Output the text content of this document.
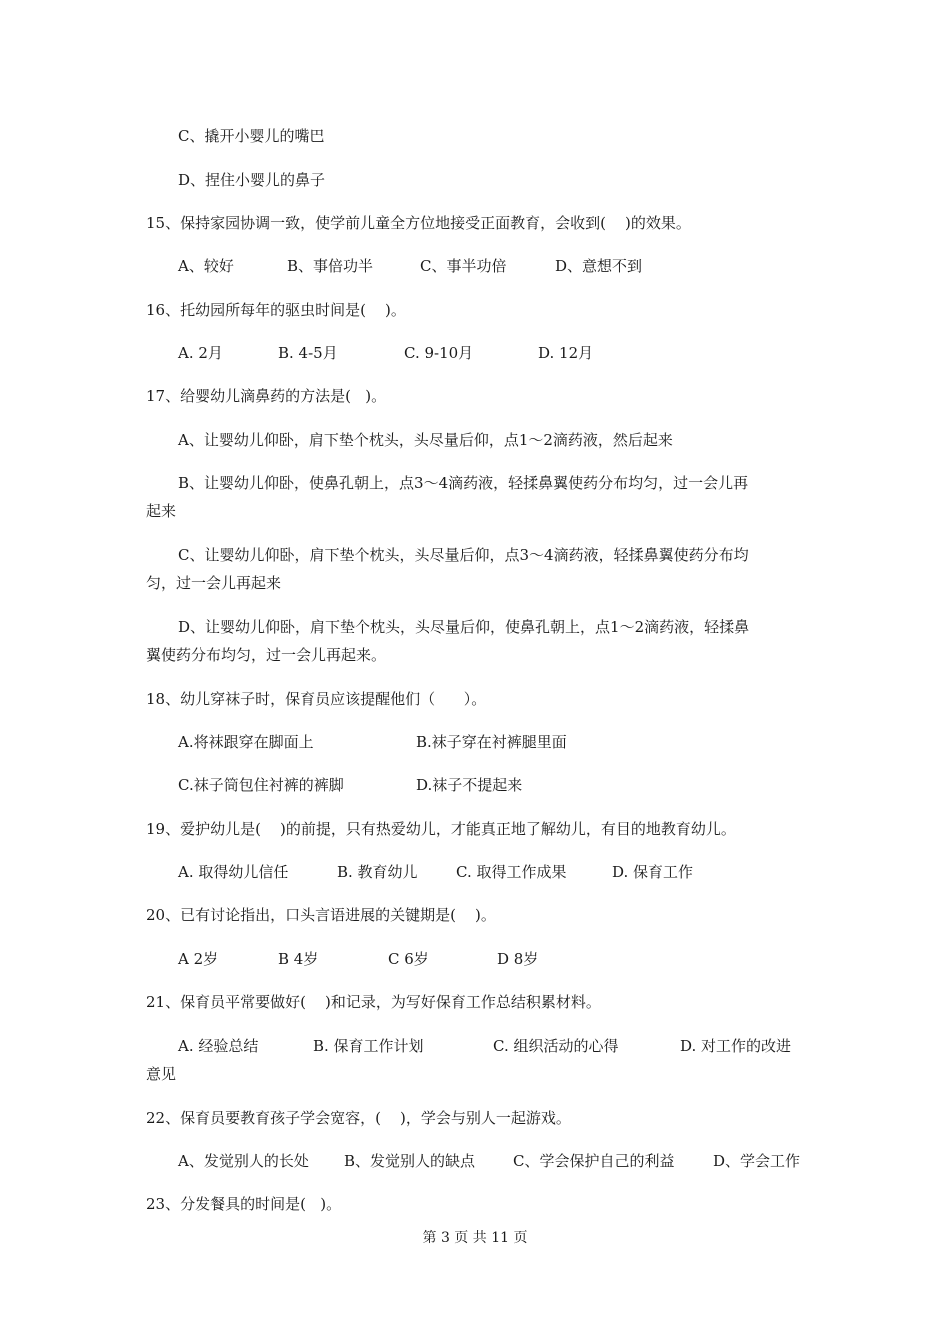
C、撬开小婴儿的嘴巴
D、捏住小婴儿的鼻子
15、保持家园协调一致，使学前儿童全方位地接受正面教育，会收到(    )的效果。
A、较好	B、事倍功半	C、事半功倍	D、意想不到
16、托幼园所每年的驱虫时间是(    )。
A. 2月	B. 4-5月	C. 9-10月	D. 12月
17、给婴幼儿滴鼻药的方法是(   )。
A、让婴幼儿仰卧，肩下垫个枕头，头尽量后仰，点1～2滴药液，然后起来
B、让婴幼儿仰卧，使鼻孔朝上，点3～4滴药液，轻揉鼻翼使药分布均匀，过一会儿再
起来
C、让婴幼儿仰卧，肩下垫个枕头，头尽量后仰，点3～4滴药液，轻揉鼻翼使药分布均
匀，过一会儿再起来
D、让婴幼儿仰卧，肩下垫个枕头，头尽量后仰，使鼻孔朝上，点1～2滴药液，轻揉鼻
翼使药分布均匀，过一会儿再起来。
18、幼儿穿袜子时，保育员应该提醒他们（      ）。
A.将袜跟穿在脚面上	B.袜子穿在衬裤腿里面
C.袜子筒包住衬裤的裤脚	D.袜子不提起来
19、爱护幼儿是(    )的前提，只有热爱幼儿，才能真正地了解幼儿，有目的地教育幼儿。
A. 取得幼儿信任	B. 教育幼儿	C. 取得工作成果	D. 保育工作
20、已有讨论指出，口头言语进展的关键期是(    )。
A 2岁	B 4岁	C 6岁	D 8岁
21、保育员平常要做好(    )和记录，为写好保育工作总结积累材料。
A. 经验总结	B. 保育工作计划	C. 组织活动的心得	D. 对工作的改进
意见
22、保育员要教育孩子学会宽容，(    )，学会与别人一起游戏。
A、发觉别人的长处 B、发觉别人的缺点	C、学会保护自己的利益	D、学会工作
23、分发餐具的时间是(   )。
第 3 页 共 11 页
